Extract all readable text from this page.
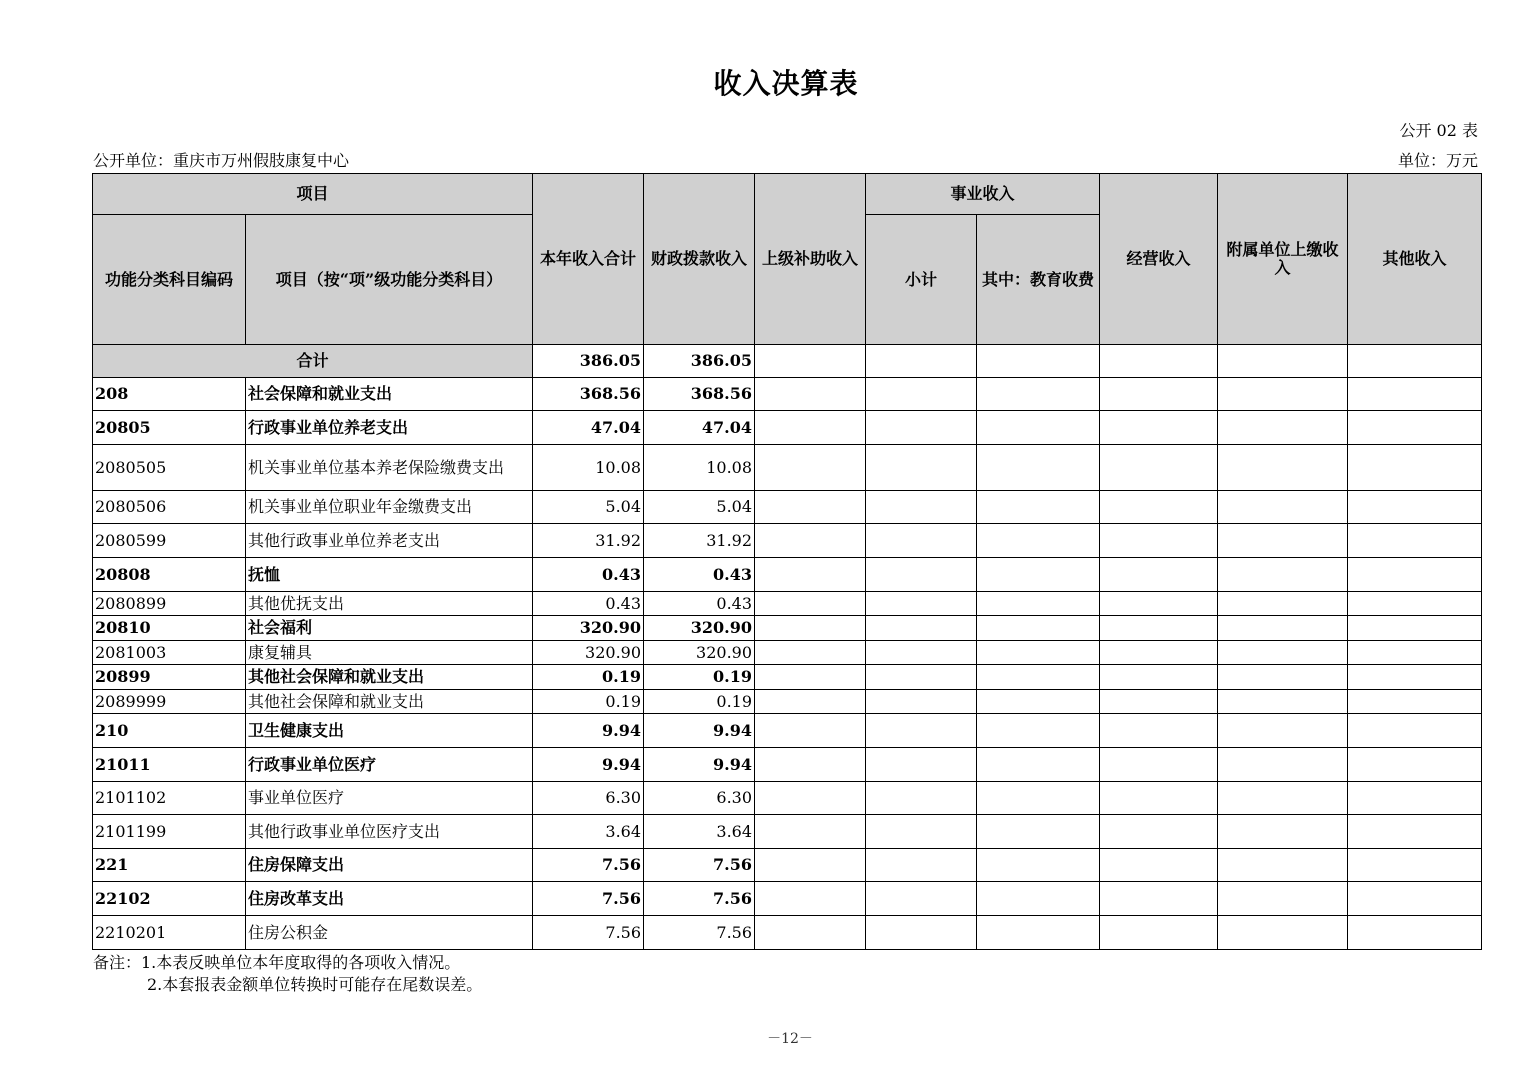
收入决算表
公开 02 表
公开单位：重庆市万州假肢康复中心	单位：万元
项目		本年收入合计	财政拨款收入	上级补助收入	事业收入		经营收入	附属单位上缴收入	其他收入
功能分类科目编码	项目（按“项”级功能分类科目）				小计	其中：教育收费			
合计		386.05	386.05						
208	社会保障和就业支出	368.56	368.56						
20805	行政事业单位养老支出	47.04	47.04						
2080505	机关事业单位基本养老保险缴费支出	10.08	10.08						
2080506	机关事业单位职业年金缴费支出	5.04	5.04						
2080599	其他行政事业单位养老支出	31.92	31.92						
20808	抚恤	0.43	0.43						
2080899	其他优抚支出	0.43	0.43						
20810	社会福利	320.90	320.90						
2081003	康复辅具	320.90	320.90						
20899	其他社会保障和就业支出	0.19	0.19						
2089999	其他社会保障和就业支出	0.19	0.19						
210	卫生健康支出	9.94	9.94						
21011	行政事业单位医疗	9.94	9.94						
2101102	事业单位医疗	6.30	6.30						
2101199	其他行政事业单位医疗支出	3.64	3.64						
221	住房保障支出	7.56	7.56						
22102	住房改革支出	7.56	7.56						
2210201	住房公积金	7.56	7.56						
备注：1.本表反映单位本年度取得的各项收入情况。
2.本套报表金额单位转换时可能存在尾数误差。
－12－
